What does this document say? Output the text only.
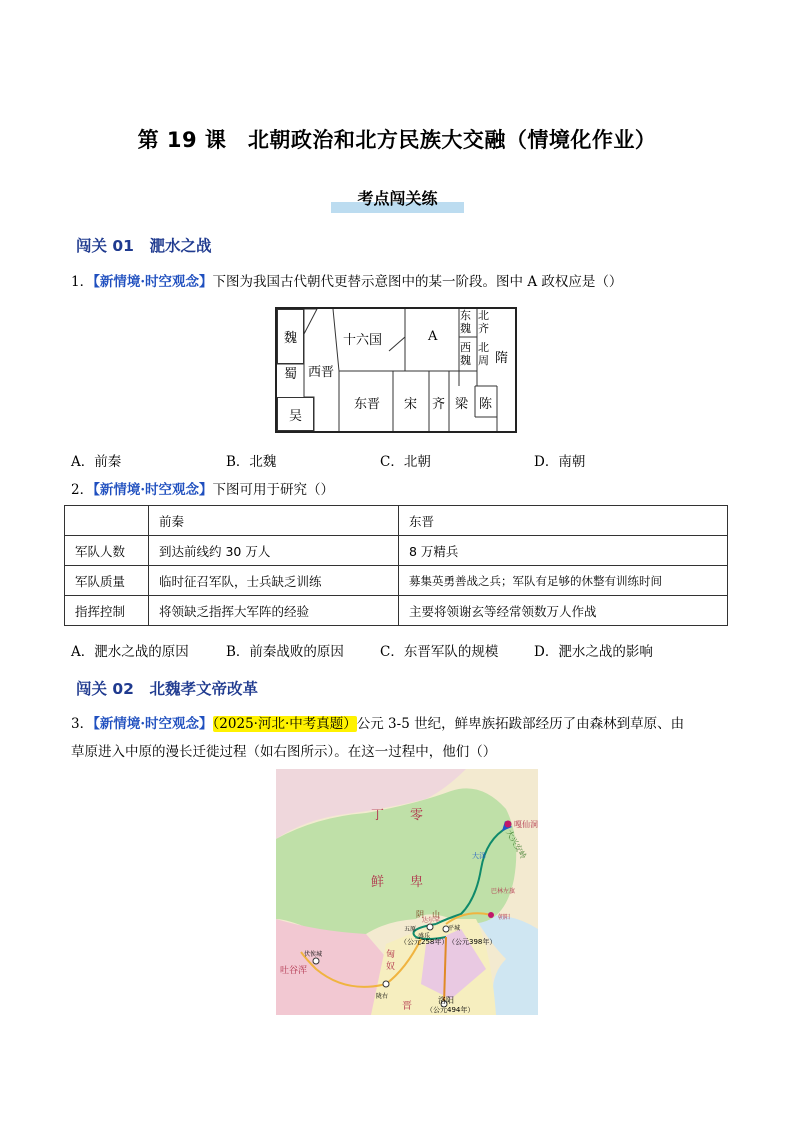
第 19 课　北朝政治和北方民族大交融（情境化作业）
考点闯关练
闯关 01　淝水之战
1．【新情境·时空观念】下图为我国古代朝代更替示意图中的某一阶段。图中 A 政权应是（）
魏
蜀
吴
西晋
十六国	A
东
魏
西
魏
北
齐
北
周 隋
东晋 宋 齐 梁 陈
A．前秦	B．北魏	C．北朝	D．南朝
2．【新情境·时空观念】下图可用于研究（）
	前秦	东晋
军队人数	到达前线约 30 万人	8 万精兵
军队质量	临时征召军队，士兵缺乏训练	募集英勇善战之兵；军队有足够的休整有训练时间
指挥控制	将领缺乏指挥大军阵的经验	主要将领谢玄等经常领数万人作战
A．淝水之战的原因	B．前秦战败的原因	C．东晋军队的规模	D．淝水之战的影响
闯关 02　北魏孝文帝改革
3．【新情境·时空观念】（2025·河北·中考真题）公元 3-5 世纪，鲜卑族拓跋部经历了由森林到草原、由
草原进入中原的漫长迁徙过程（如右图所示）。在这一过程中，他们（）
丁　　零
鲜　　卑
嘎仙洞
大兴安岭
大泽
巴林左旗
朝阳
阴　山
五原
盛乐
平城
（公元258年） （公元398年）
伏俟城
吐谷浑
匈
奴
陇右
晋
洛阳
（公元494年）
达尔罕
